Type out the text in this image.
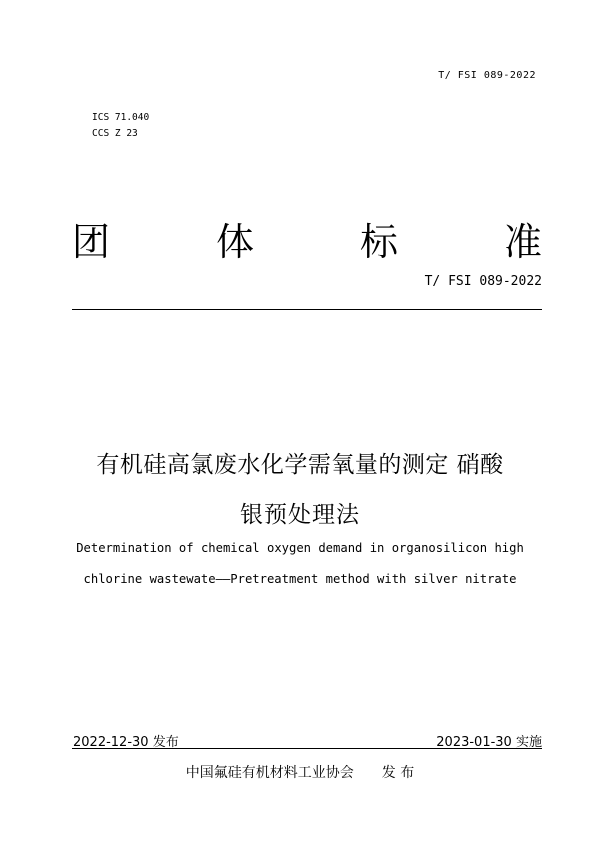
T/ FSI 089-2022
ICS 71.040
CCS Z 23
团	体	标	准
T/ FSI 089-2022
有机硅高氯废水化学需氧量的测定 硝酸
银预处理法
Determination of chemical oxygen demand in organosilicon high
chlorine wastewate——Pretreatment method with silver nitrate
2022-12-30 发布	2023-01-30 实施
中国氟硅有机材料工业协会 发 布
